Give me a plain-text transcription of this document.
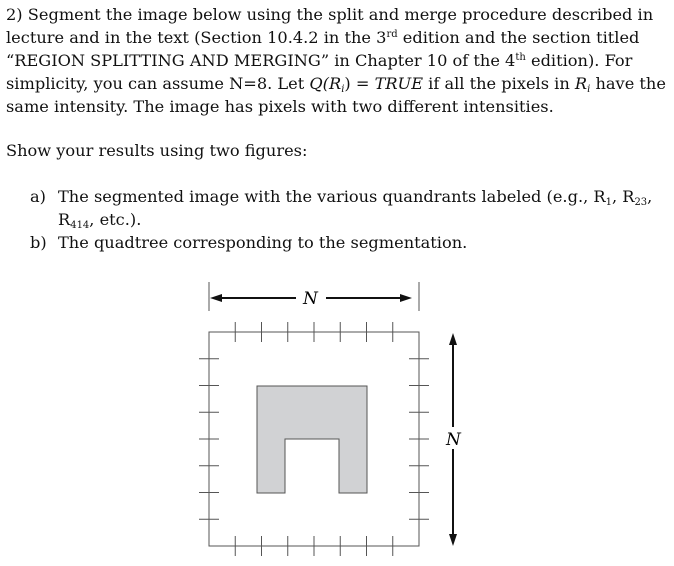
2) Segment the image below using the split and merge procedure described in
lecture and in the text (Section 10.4.2 in the 3rd edition and the section titled
“REGION SPLITTING AND MERGING” in Chapter 10 of the 4th edition). For
simplicity, you can assume N=8. Let $Q(R_i)$ = TRUE if all the pixels in $R_i$ have the
same intensity. The image has pixels with two different intensities.
Show your results using two figures:
a) The segmented image with the various quandrants labeled (e.g., $R_1$, $R_{23}$,
$R_{414}$, etc.).
b) The quadtree corresponding to the segmentation.
N
N
